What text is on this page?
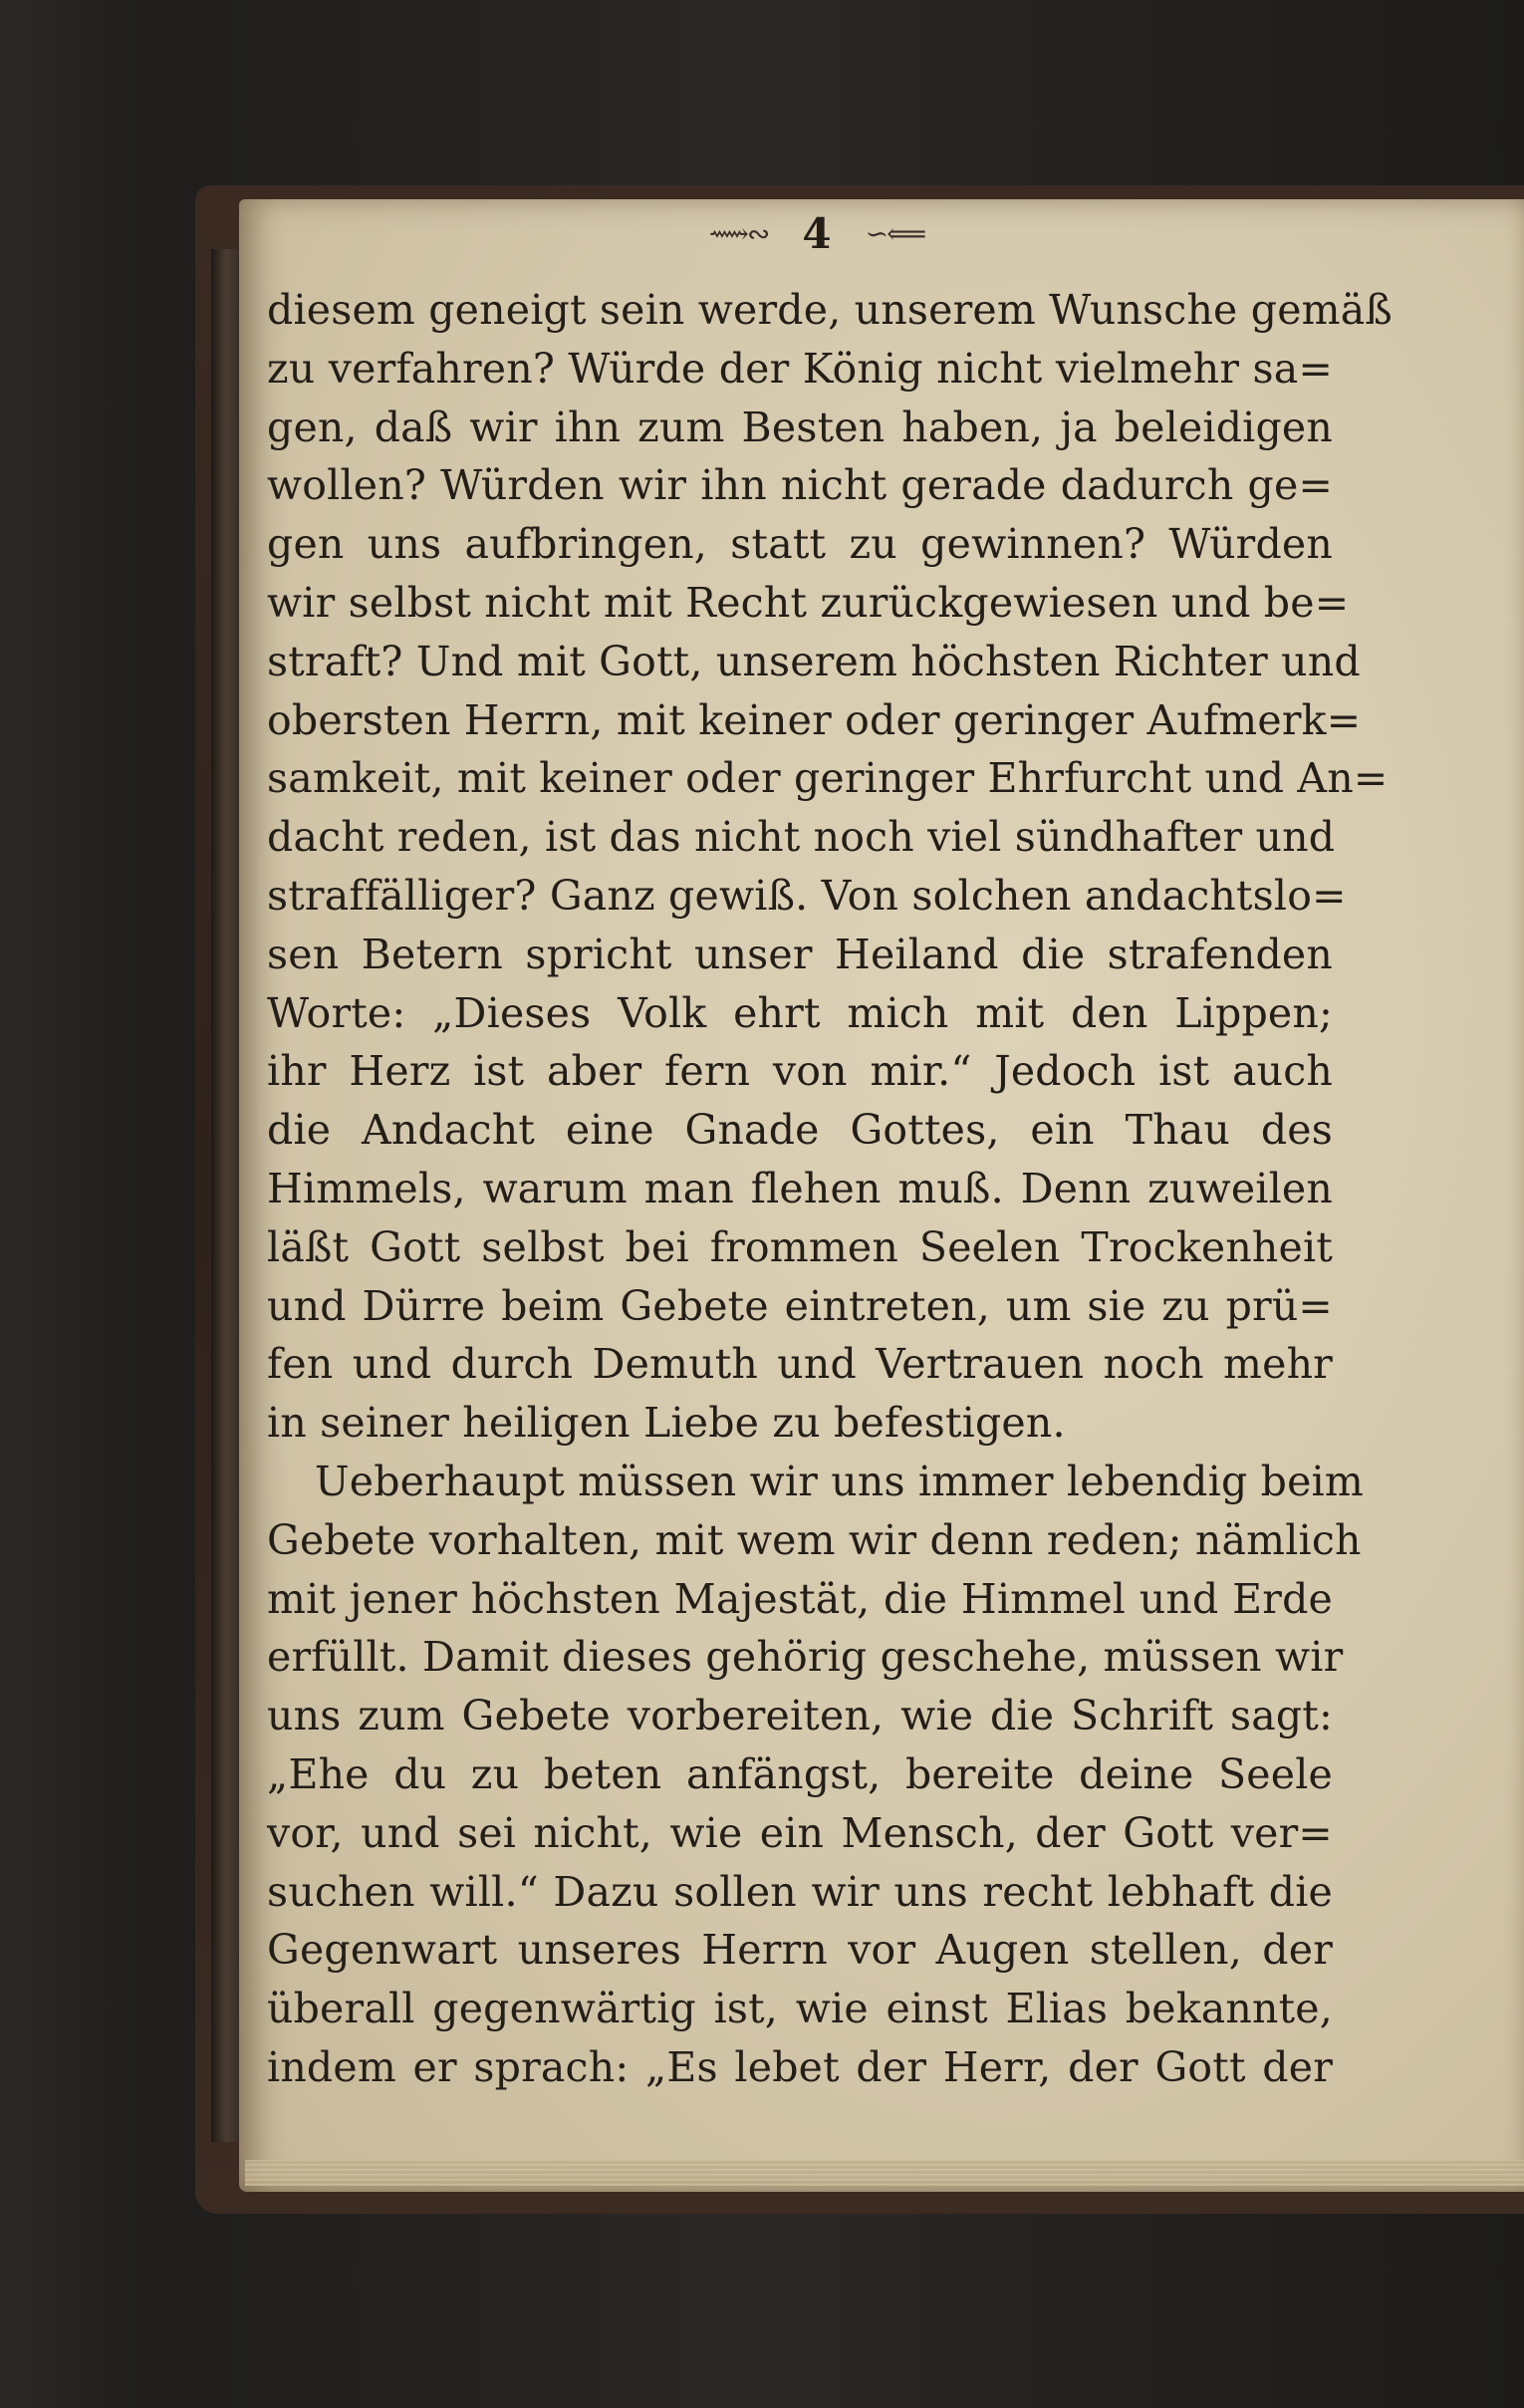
⟿∾ 4 ∽⟸
diesem geneigt sein werde, unserem Wunsche gemäß
zu verfahren? Würde der König nicht vielmehr sa=
gen, daß wir ihn zum Besten haben, ja beleidigen
wollen? Würden wir ihn nicht gerade dadurch ge=
gen uns aufbringen, statt zu gewinnen? Würden
wir selbst nicht mit Recht zurückgewiesen und be=
straft? Und mit Gott, unserem höchsten Richter und
obersten Herrn, mit keiner oder geringer Aufmerk=
samkeit, mit keiner oder geringer Ehrfurcht und An=
dacht reden, ist das nicht noch viel sündhafter und
straffälliger? Ganz gewiß. Von solchen andachtslo=
sen Betern spricht unser Heiland die strafenden
Worte: „Dieses Volk ehrt mich mit den Lippen;
ihr Herz ist aber fern von mir.“ Jedoch ist auch
die Andacht eine Gnade Gottes, ein Thau des
Himmels, warum man flehen muß. Denn zuweilen
läßt Gott selbst bei frommen Seelen Trockenheit
und Dürre beim Gebete eintreten, um sie zu prü=
fen und durch Demuth und Vertrauen noch mehr
in seiner heiligen Liebe zu befestigen.
Ueberhaupt müssen wir uns immer lebendig beim
Gebete vorhalten, mit wem wir denn reden; nämlich
mit jener höchsten Majestät, die Himmel und Erde
erfüllt. Damit dieses gehörig geschehe, müssen wir
uns zum Gebete vorbereiten, wie die Schrift sagt:
„Ehe du zu beten anfängst, bereite deine Seele
vor, und sei nicht, wie ein Mensch, der Gott ver=
suchen will.“ Dazu sollen wir uns recht lebhaft die
Gegenwart unseres Herrn vor Augen stellen, der
überall gegenwärtig ist, wie einst Elias bekannte,
indem er sprach: „Es lebet der Herr, der Gott der
